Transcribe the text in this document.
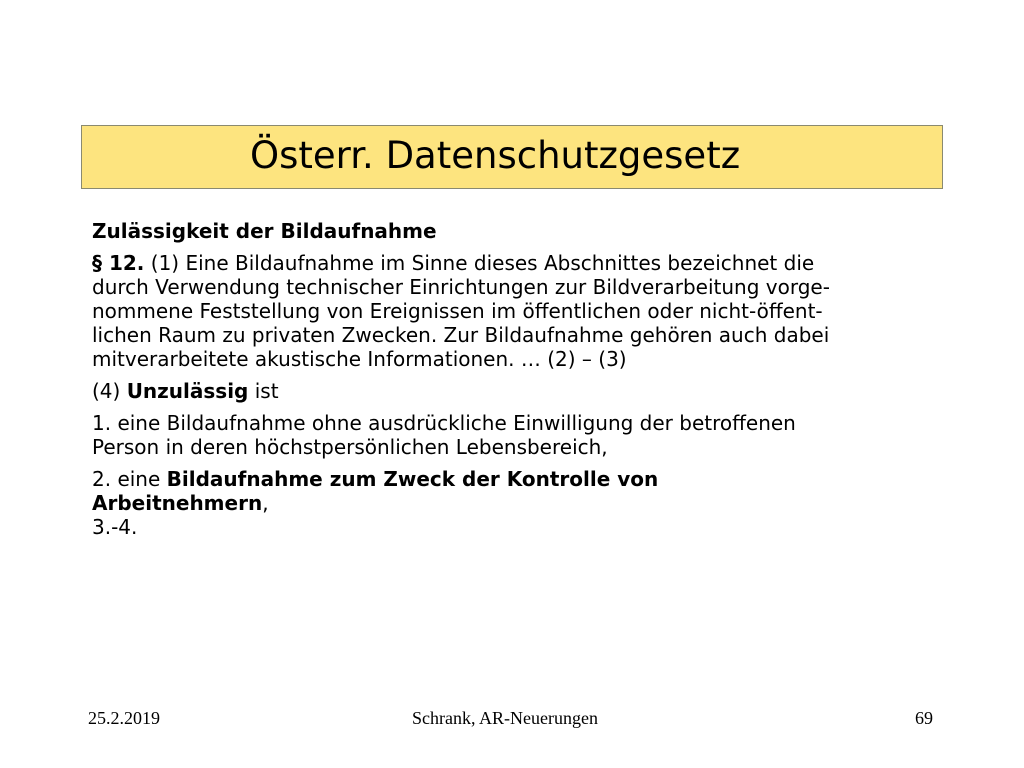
Österr. Datenschutzgesetz
Zulässigkeit der Bildaufnahme
§ 12. (1) Eine Bildaufnahme im Sinne dieses Abschnittes bezeichnet die
durch Verwendung technischer Einrichtungen zur Bildverarbeitung vorge-
nommene Feststellung von Ereignissen im öffentlichen oder nicht-öffent-
lichen Raum zu privaten Zwecken. Zur Bildaufnahme gehören auch dabei
mitverarbeitete akustische Informationen. … (2) – (3)
(4) Unzulässig ist
1. eine Bildaufnahme ohne ausdrückliche Einwilligung der betroffenen
Person in deren höchstpersönlichen Lebensbereich,
2. eine Bildaufnahme zum Zweck der Kontrolle von
Arbeitnehmern,
3.-4.
25.2.2019	Schrank, AR-Neuerungen	69
